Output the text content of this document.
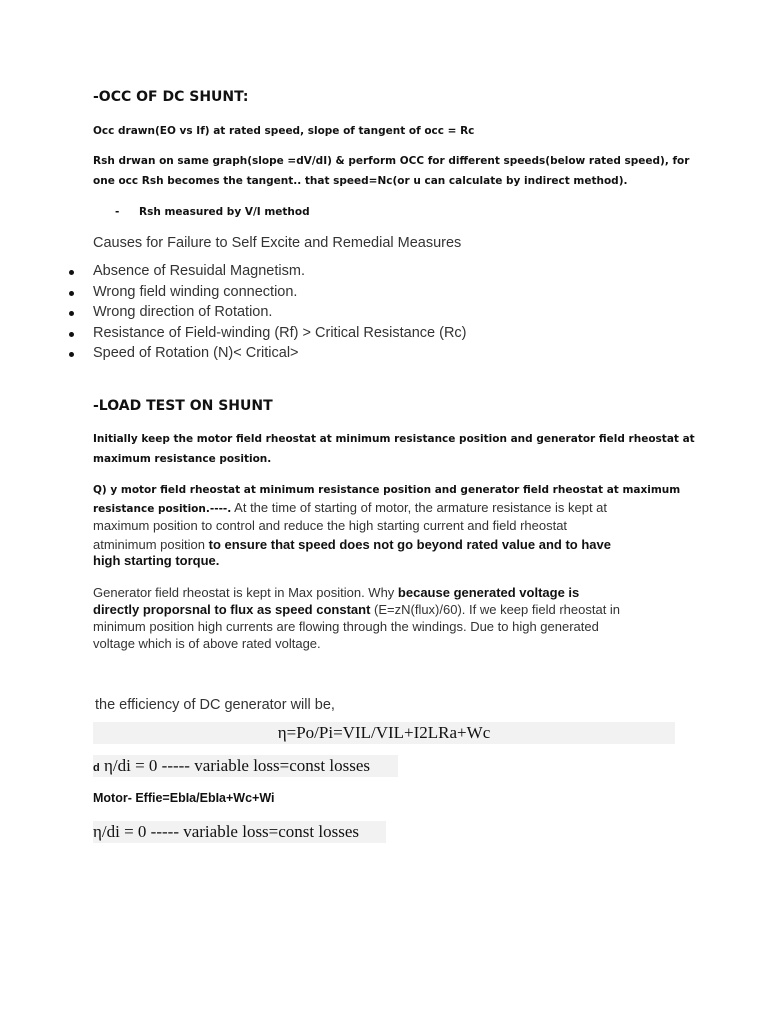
-OCC OF DC SHUNT:
Occ drawn(EO vs If) at rated speed, slope of tangent of occ = Rc
Rsh drwan on same graph(slope =dV/dI) & perform OCC for different speeds(below rated speed), for
one occ Rsh becomes the tangent.. that speed=Nc(or u can calculate by indirect method).
- Rsh measured by V/I method
Causes for Failure to Self Excite and Remedial Measures
Absence of Resuidal Magnetism.
Wrong field winding connection.
Wrong direction of Rotation.
Resistance of Field-winding (Rf) > Critical Resistance (Rc)
Speed of Rotation (N)< Critical>
-LOAD TEST ON SHUNT
Initially keep the motor field rheostat at minimum resistance position and generator field rheostat at
maximum resistance position.
Q) y motor field rheostat at minimum resistance position and generator field rheostat at maximum
resistance position.----. At the time of starting of motor, the armature resistance is kept at
maximum position to control and reduce the high starting current and field rheostat
atminimum position to ensure that speed does not go beyond rated value and to have
high starting torque.
Generator field rheostat is kept in Max position. Why because generated voltage is
directly proporsnal to flux as speed constant (E=zN(flux)/60). If we keep field rheostat in
minimum position high currents are flowing through the windings. Due to high generated
voltage which is of above rated voltage.
the efficiency of DC generator will be,
η=Po/Pi=VIL/VIL+I2LRa+Wc
d η/di = 0 ----- variable loss=const losses
Motor- Effie=EbIa/EbIa+Wc+Wi
η/di = 0 ----- variable loss=const losses
